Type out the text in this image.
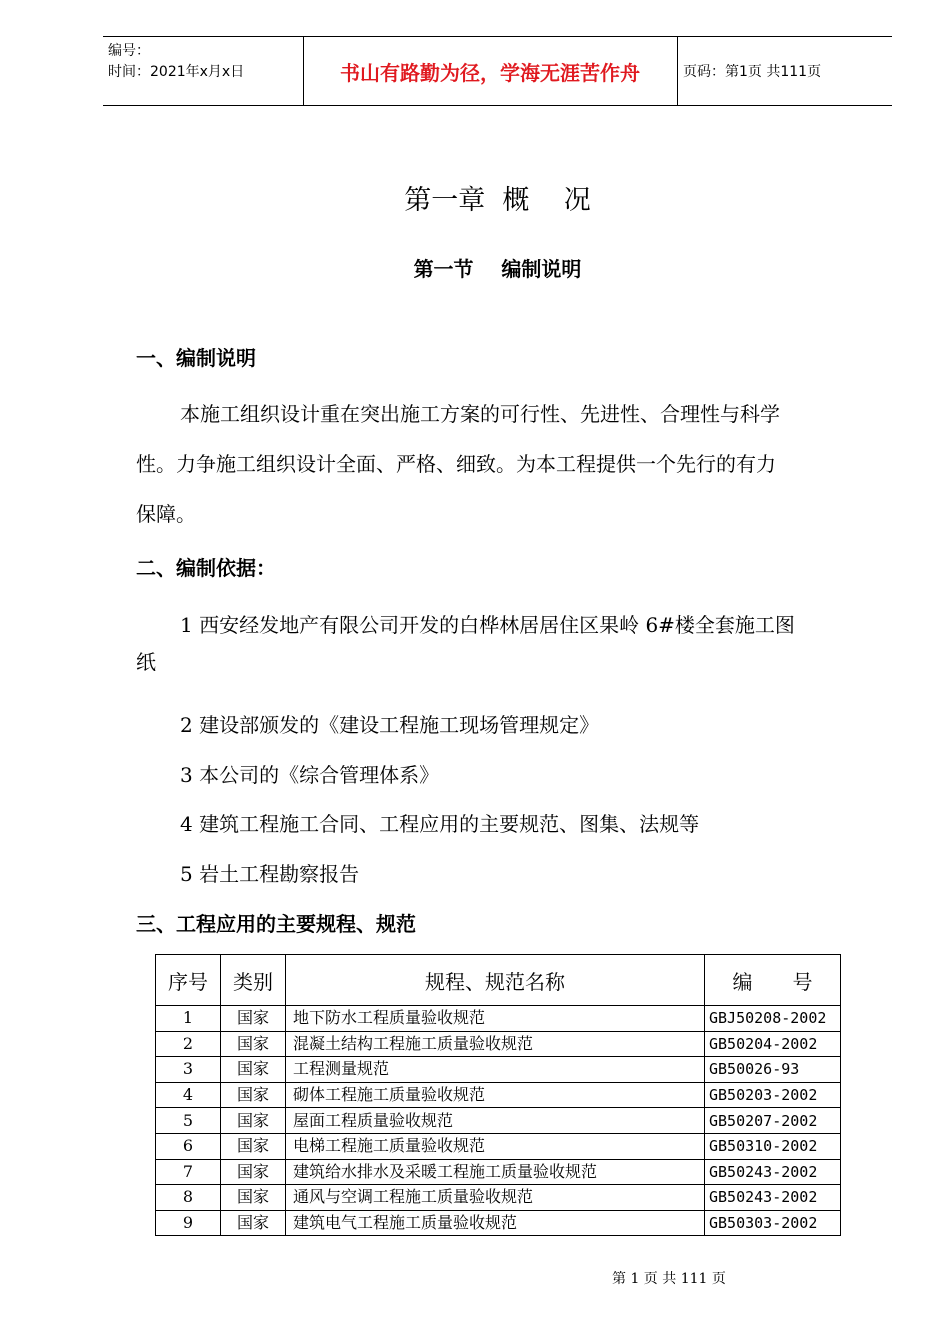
编号：
时间：2021年x月x日	书山有路勤为径，学海无涯苦作舟	页码：第1页 共111页
第一章  概    况
第一节    编制说明
一、编制说明
本施工组织设计重在突出施工方案的可行性、先进性、合理性与科学
性。力争施工组织设计全面、严格、细致。为本工程提供一个先行的有力
保障。
二、编制依据：
1 西安经发地产有限公司开发的白桦林居居住区果岭 6#楼全套施工图
纸
2 建设部颁发的《建设工程施工现场管理规定》
3 本公司的《综合管理体系》
4 建筑工程施工合同、工程应用的主要规范、图集、法规等
5 岩土工程勘察报告
三、工程应用的主要规程、规范
序号	类别	规程、规范名称	编　　号
1	国家	地下防水工程质量验收规范	GBJ50208-2002
2	国家	混凝土结构工程施工质量验收规范	GB50204-2002
3	国家	工程测量规范	GB50026-93
4	国家	砌体工程施工质量验收规范	GB50203-2002
5	国家	屋面工程质量验收规范	GB50207-2002
6	国家	电梯工程施工质量验收规范	GB50310-2002
7	国家	建筑给水排水及采暖工程施工质量验收规范	GB50243-2002
8	国家	通风与空调工程施工质量验收规范	GB50243-2002
9	国家	建筑电气工程施工质量验收规范	GB50303-2002
第 1 页 共 111 页
